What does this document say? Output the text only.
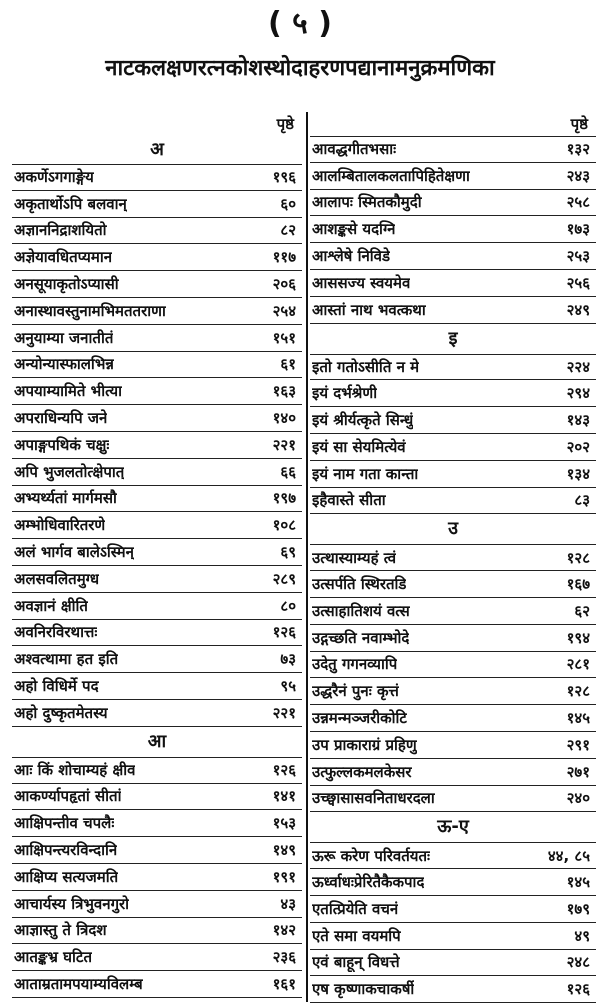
( ५ )
नाटकलक्षणरत्नकोशस्थोदाहरणपद्यानामनुक्रमणिका
पृष्ठे
अ
अकर्णेऽगगाङ्गेय	१९६
अकृतार्थोऽपि बलवान्	६०
अज्ञाननिद्राशयितो	८२
अज्ञेयावधितप्यमान	११७
अनसूयाकृतोऽप्यासी	२०६
अनास्थावस्तुनामभिमततराणा	२५४
अनुयाम्या जनातीतं	१५१
अन्योन्यास्फालभिन्न	६१
अपयाम्यामिते भीत्या	१६३
अपराधिन्यपि जने	१४०
अपाङ्गपथिकं चक्षुः	२२१
अपि भुजलतोत्क्षेपात्	६६
अभ्यर्थ्यतां मार्गमसौ	१९७
अम्भोधिवारितरणे	१०८
अलं भार्गव बालेऽस्मिन्	६९
अलसवलितमुग्ध	२८९
अवज्ञानं क्षीति	८०
अवनिरविरथात्तः	१२६
अश्वत्थामा हत इति	७३
अहो विधिर्मे पद	९५
अहो दुष्कृतमेतस्य	२२१
आ
आः किं शोचाम्यहं क्षीव	१२६
आकर्ण्यापहृतां सीतां	१४१
आक्षिपन्तीव चपलैः	१५३
आक्षिपन्त्यरविन्दानि	१४९
आक्षिप्य सत्यजमति	१९१
आचार्यस्य त्रिभुवनगुरो	४३
आज्ञास्तु ते त्रिदश	१४२
आतङ्कभ्र घटित	२३६
आताम्रतामपयाम्यविलम्ब	१६१
पृष्ठे
आवद्धगीतभसाः	१३२
आलम्बितालकलतापिहितेक्षणा	२४३
आलापः स्मितकौमुदी	२५८
आशङ्कसे यदग्नि	१७३
आश्लेषे निविडे	२५३
आससज्य स्वयमेव	२५६
आस्तां नाथ भवत्कथा	२४९
इ
इतो गतोऽसीति न मे	२२४
इयं दर्भश्रेणी	२९४
इयं श्रीर्यत्कृते सिन्धुं	१४३
इयं सा सेयमित्येवं	२०२
इयं नाम गता कान्ता	१३४
इहैवास्ते सीता	८३
उ
उत्थास्याम्यहं त्वं	१२८
उत्सर्पति स्थिरतडि	१६७
उत्साहातिशयं वत्स	६२
उद्गच्छति नवाम्भोदे	१९४
उदेतु गगनव्यापि	२८१
उद्धरैनं पुनः कृत्तं	१२८
उन्नमन्मञ्जरीकोटि	१४५
उप प्राकाराग्रं प्रहिणु	२९१
उत्फुल्लकमलकेसर	२७१
उच्छ्वासासवनिताधरदला	२४०
ऊ-ए
ऊरू करेण परिवर्तयतः	४४, ८५
ऊर्ध्वाधःप्रेरितैकैकपाद	१४५
एतत्प्रियेति वचनं	१७९
एते समा वयमपि	४९
एवं बाहून् विधत्ते	२४८
एष कृष्णाकचाकर्षी	१२६
